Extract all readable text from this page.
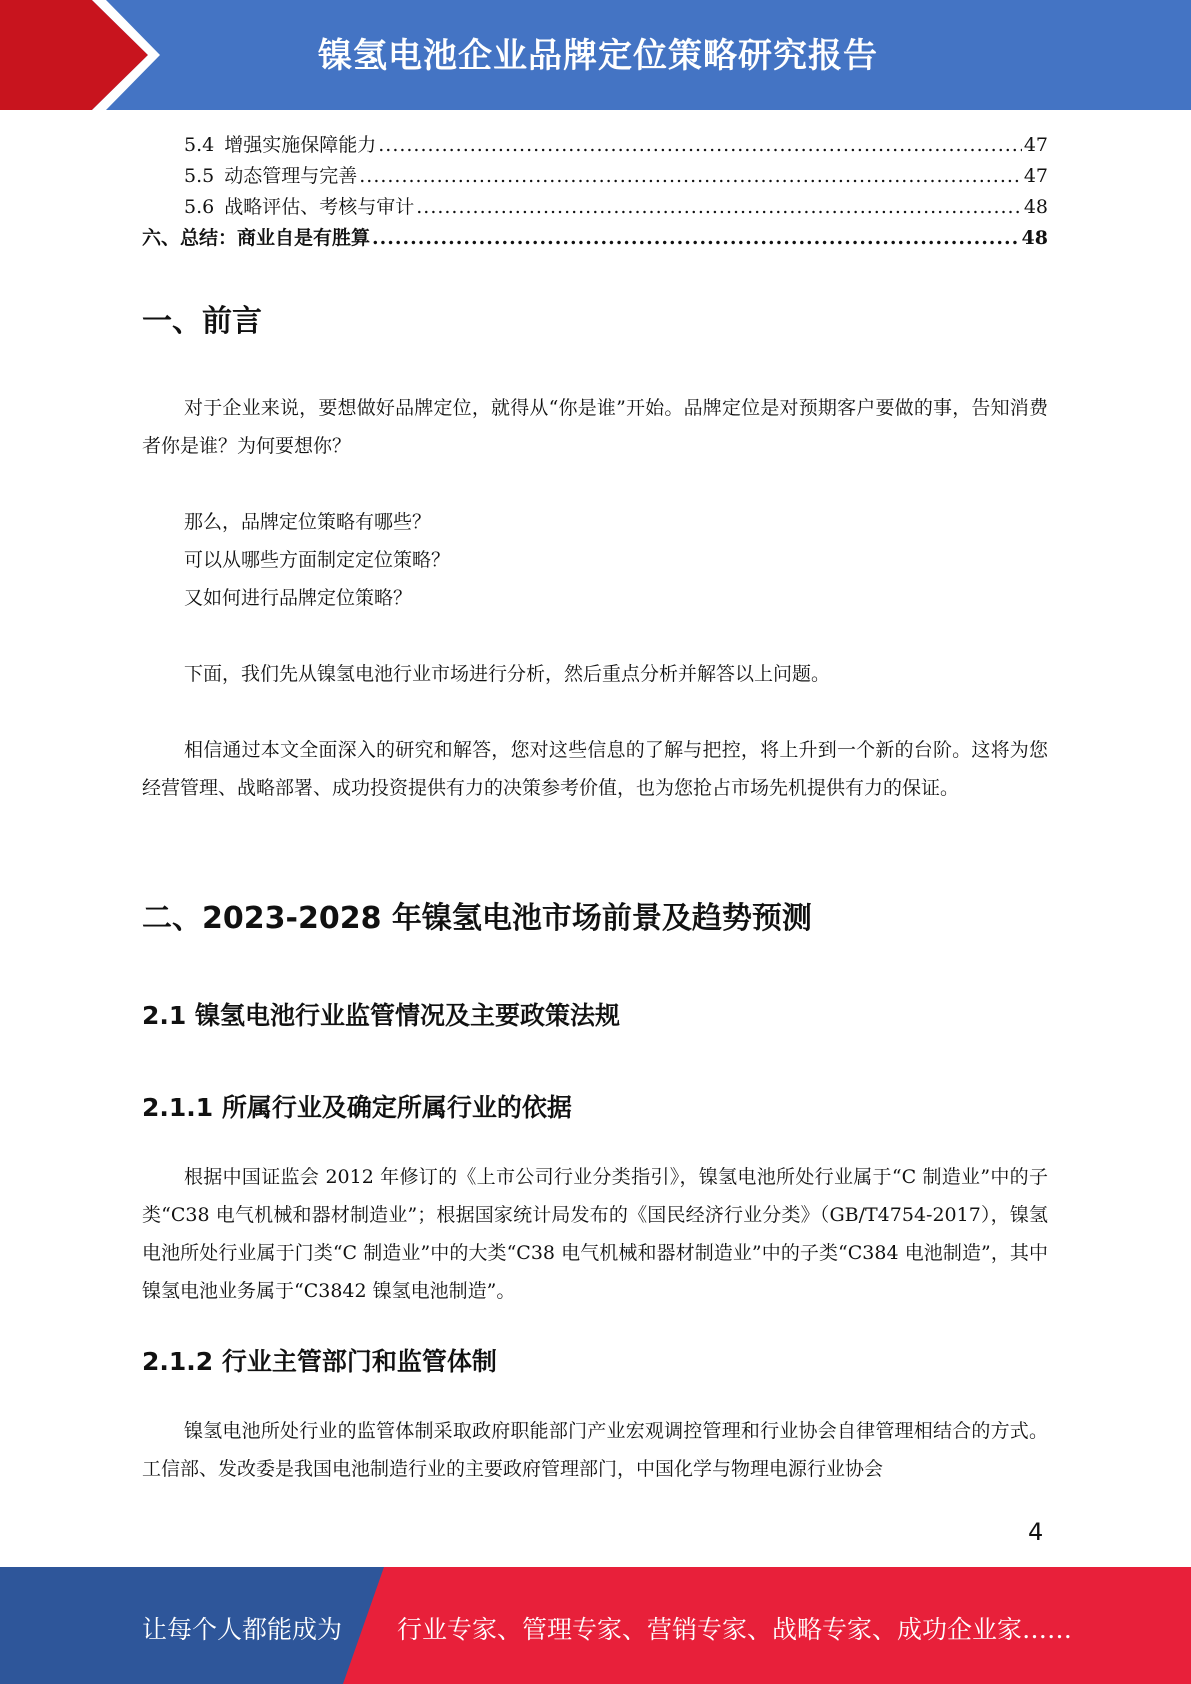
镍氢电池企业品牌定位策略研究报告
5.4 增强实施保障能力 .....	47
5.5 动态管理与完善 .....	47
5.6 战略评估、考核与审计 .....	48
六、总结：商业自是有胜算 .....	48
一、前言

对于企业来说，要想做好品牌定位，就得从“你是谁”开始。品牌定位是对预期客户要做的事，告知消费者你是谁？为何要想你？

那么，品牌定位策略有哪些？
可以从哪些方面制定定位策略？
又如何进行品牌定位策略？

下面，我们先从镍氢电池行业市场进行分析，然后重点分析并解答以上问题。

相信通过本文全面深入的研究和解答，您对这些信息的了解与把控，将上升到一个新的台阶。这将为您经营管理、战略部署、成功投资提供有力的决策参考价值，也为您抢占市场先机提供有力的保证。

二、2023-2028 年镍氢电池市场前景及趋势预测
2.1 镍氢电池行业监管情况及主要政策法规
2.1.1 所属行业及确定所属行业的依据

根据中国证监会 2012 年修订的《上市公司行业分类指引》，镍氢电池所处行业属于“C 制造业”中的子类“C38 电气机械和器材制造业”；根据国家统计局发布的《国民经济行业分类》（GB/T4754-2017），镍氢电池所处行业属于门类“C 制造业”中的大类“C38 电气机械和器材制造业”中的子类“C384 电池制造”，其中镍氢电池业务属于“C3842 镍氢电池制造”。

2.1.2 行业主管部门和监管体制

镍氢电池所处行业的监管体制采取政府职能部门产业宏观调控管理和行业协会自律管理相结合的方式。工信部、发改委是我国电池制造行业的主要政府管理部门，中国化学与物理电源行业协会

4
让每个人都能成为 行业专家、管理专家、营销专家、战略专家、成功企业家……
